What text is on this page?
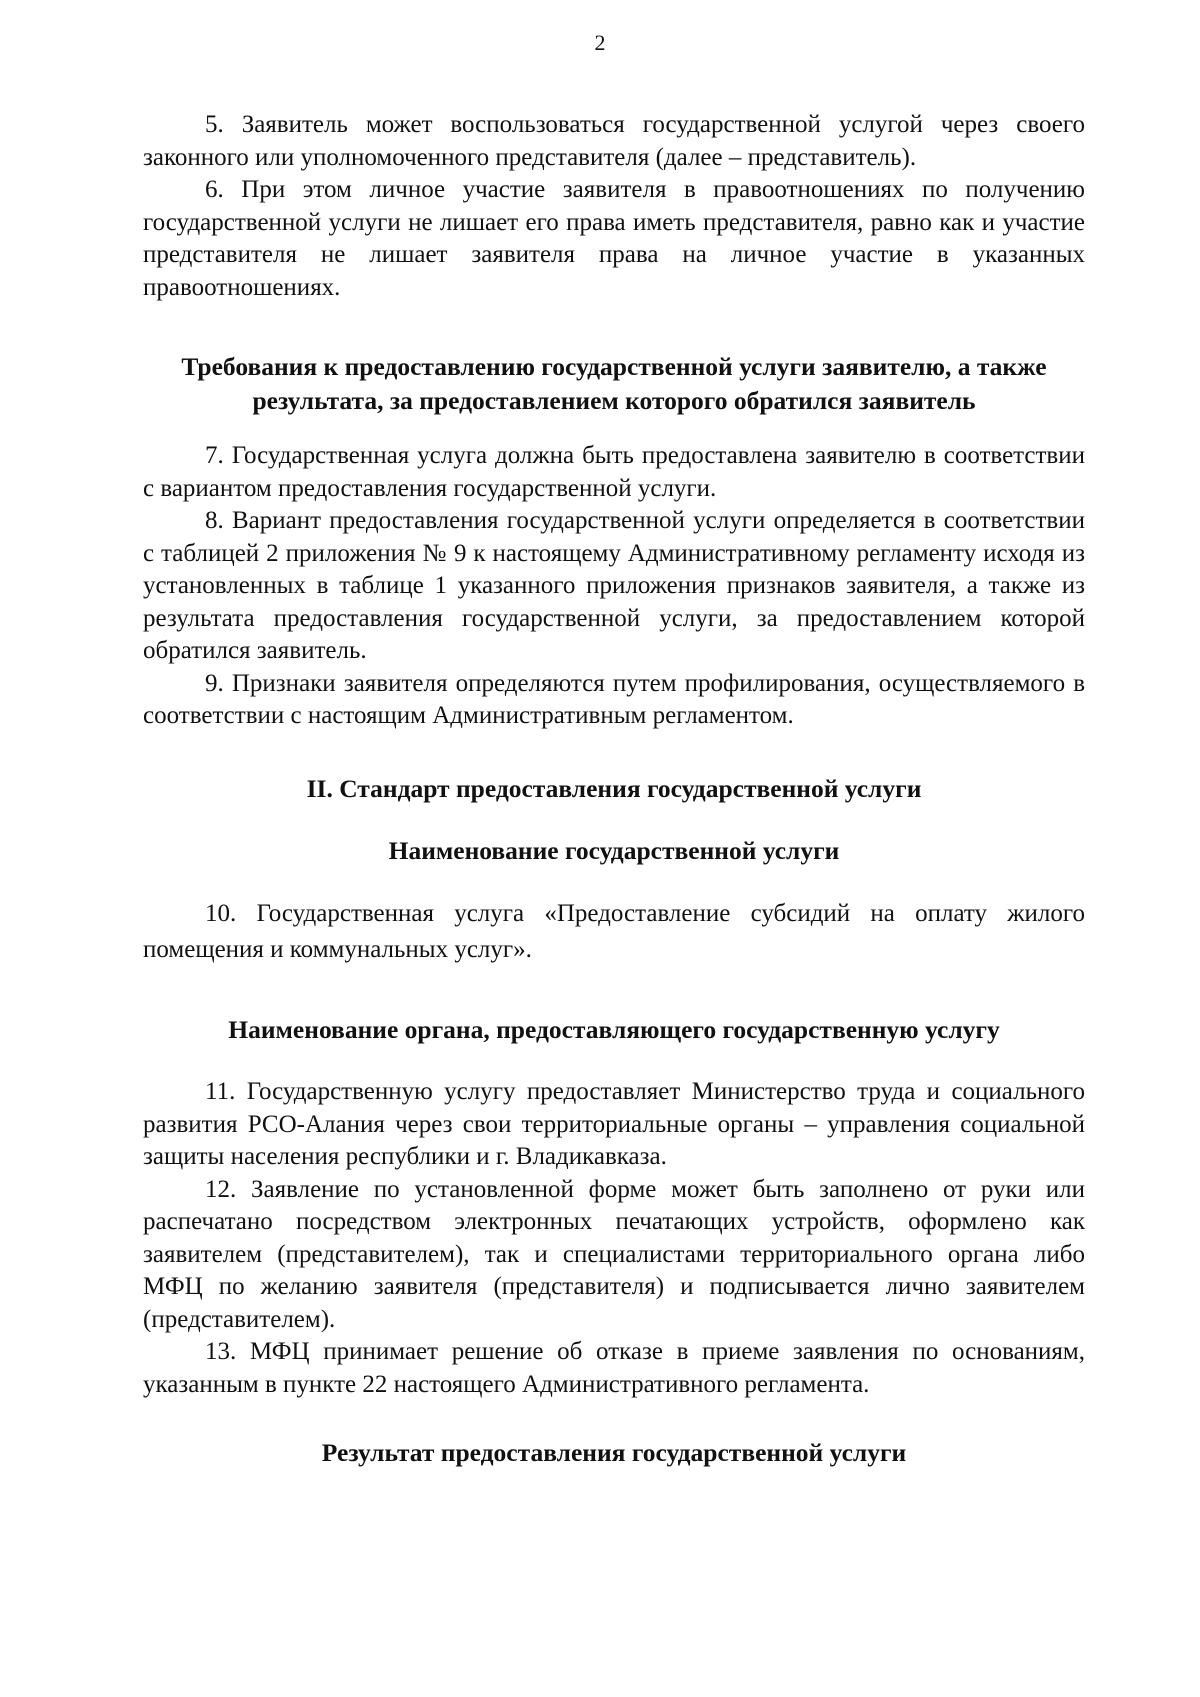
2

5. Заявитель может воспользоваться государственной услугой через своего законного или уполномоченного представителя (далее – представитель).

6. При этом личное участие заявителя в правоотношениях по получению государственной услуги не лишает его права иметь представителя, равно как и участие представителя не лишает заявителя права на личное участие в указанных правоотношениях.

Требования к предоставлению государственной услуги заявителю, а также результата, за предоставлением которого обратился заявитель

7. Государственная услуга должна быть предоставлена заявителю в соответствии с вариантом предоставления государственной услуги.

8. Вариант предоставления государственной услуги определяется в соответствии с таблицей 2 приложения № 9 к настоящему Административному регламенту исходя из установленных в таблице 1 указанного приложения признаков заявителя, а также из результата предоставления государственной услуги, за предоставлением которой обратился заявитель.

9. Признаки заявителя определяются путем профилирования, осуществляемого в соответствии с настоящим Административным регламентом.

II. Стандарт предоставления государственной услуги

Наименование государственной услуги

10. Государственная услуга «Предоставление субсидий на оплату жилого помещения и коммунальных услуг».

Наименование органа, предоставляющего государственную услугу

11. Государственную услугу предоставляет Министерство труда и социального развития РСО-Алания через свои территориальные органы – управления социальной защиты населения республики и г. Владикавказа.

12. Заявление по установленной форме может быть заполнено от руки или распечатано посредством электронных печатающих устройств, оформлено как заявителем (представителем), так и специалистами территориального органа либо МФЦ по желанию заявителя (представителя) и подписывается лично заявителем (представителем).

13. МФЦ принимает решение об отказе в приеме заявления по основаниям, указанным в пункте 22 настоящего Административного регламента.

Результат предоставления государственной услуги
